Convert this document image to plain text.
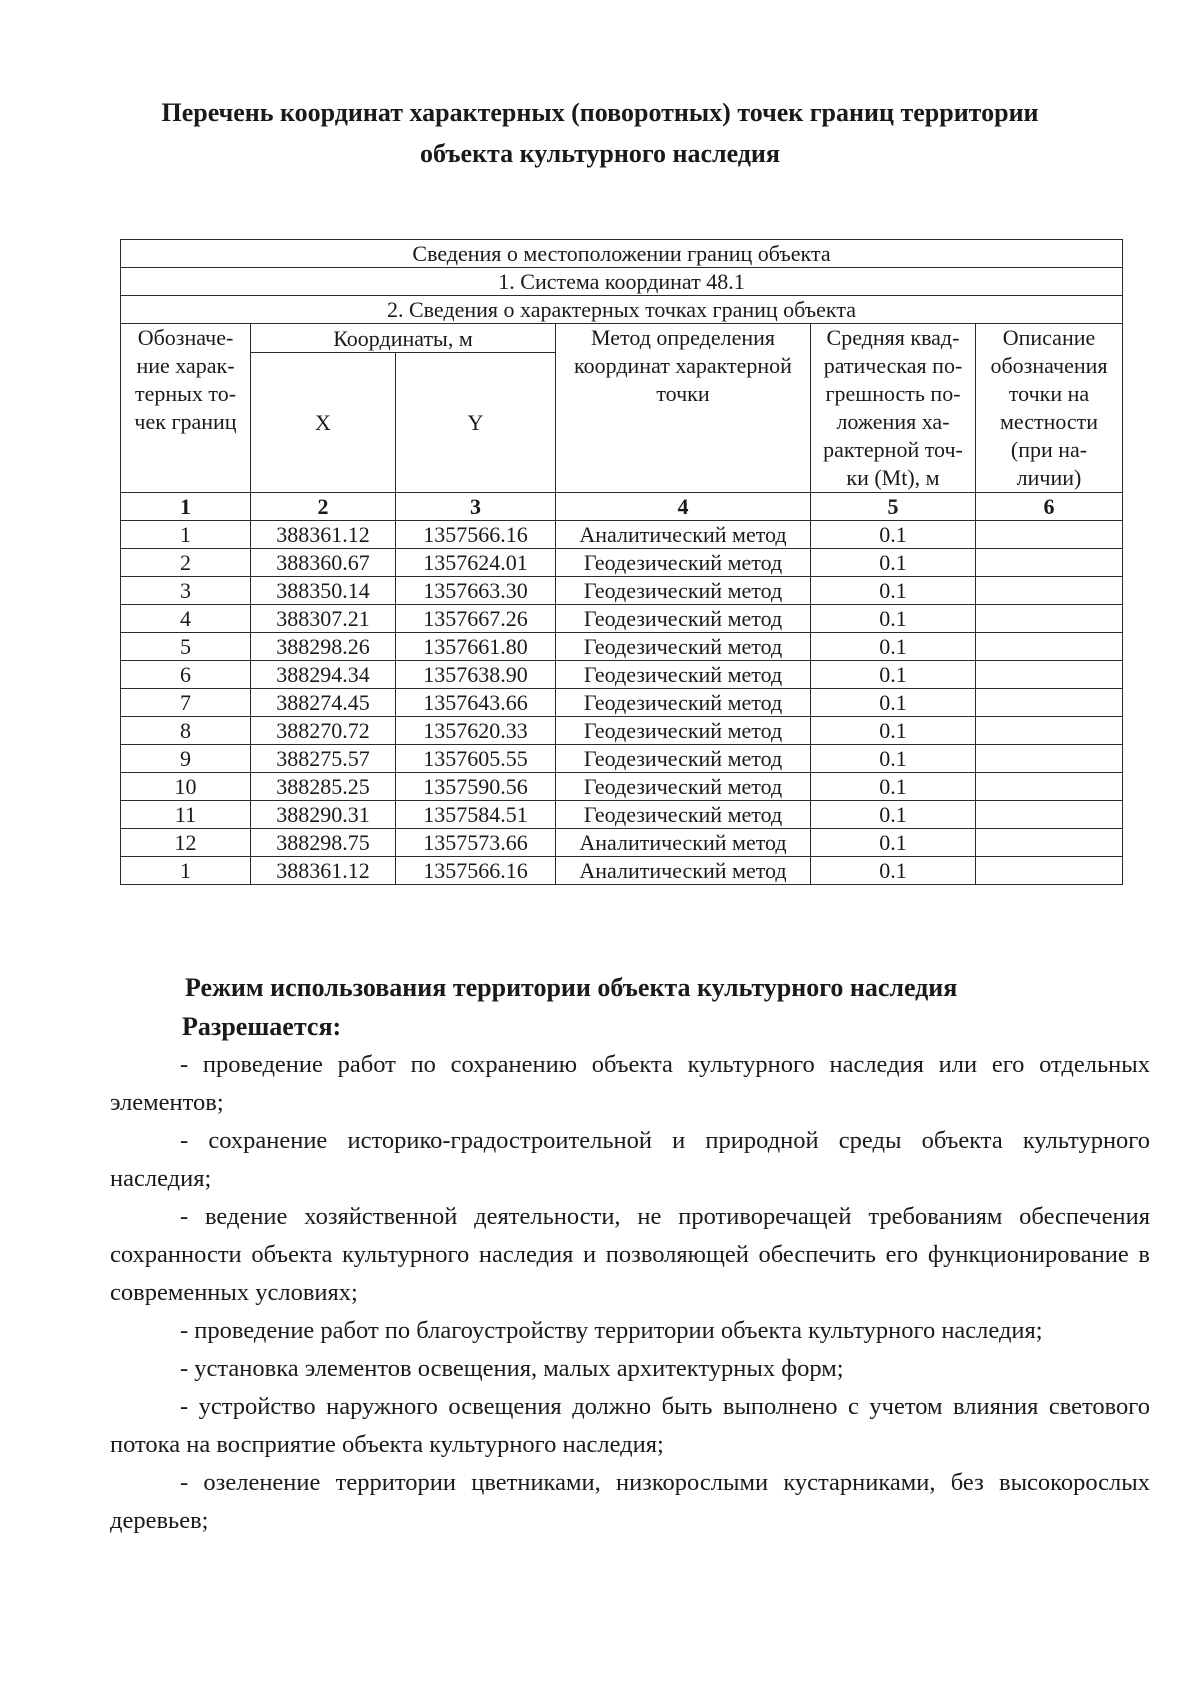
Перечень координат характерных (поворотных) точек границ территории
объекта культурного наследия
Сведения о местоположении границ объекта					
1. Система координат 48.1					
2. Сведения о характерных точках границ объекта					
Обозначе-ние харак-терных то-чек границ	Координаты, м		Метод определения координат характерной точки	Средняя квад-ратическая по-грешность по-ложения ха-рактерной точ-ки (Mt), м	Описание обозначения точки на местности (при на-личии)
	X	Y			
1	2	3	4	5	6
1	388361.12	1357566.16	Аналитический метод	0.1	
2	388360.67	1357624.01	Геодезический метод	0.1	
3	388350.14	1357663.30	Геодезический метод	0.1	
4	388307.21	1357667.26	Геодезический метод	0.1	
5	388298.26	1357661.80	Геодезический метод	0.1	
6	388294.34	1357638.90	Геодезический метод	0.1	
7	388274.45	1357643.66	Геодезический метод	0.1	
8	388270.72	1357620.33	Геодезический метод	0.1	
9	388275.57	1357605.55	Геодезический метод	0.1	
10	388285.25	1357590.56	Геодезический метод	0.1	
11	388290.31	1357584.51	Геодезический метод	0.1	
12	388298.75	1357573.66	Аналитический метод	0.1	
1	388361.12	1357566.16	Аналитический метод	0.1	
Режим использования территории объекта культурного наследия
Разрешается:

- проведение работ по сохранению объекта культурного наследия или его отдельных элементов;

- сохранение историко-градостроительной и природной среды объекта культурного наследия;

- ведение хозяйственной деятельности, не противоречащей требованиям обеспечения сохранности объекта культурного наследия и позволяющей обеспечить его функционирование в современных условиях;

- проведение работ по благоустройству территории объекта культурного наследия;

- установка элементов освещения, малых архитектурных форм;

- устройство наружного освещения должно быть выполнено с учетом влияния светового потока на восприятие объекта культурного наследия;

- озеленение территории цветниками, низкорослыми кустарниками, без высокорослых деревьев;
